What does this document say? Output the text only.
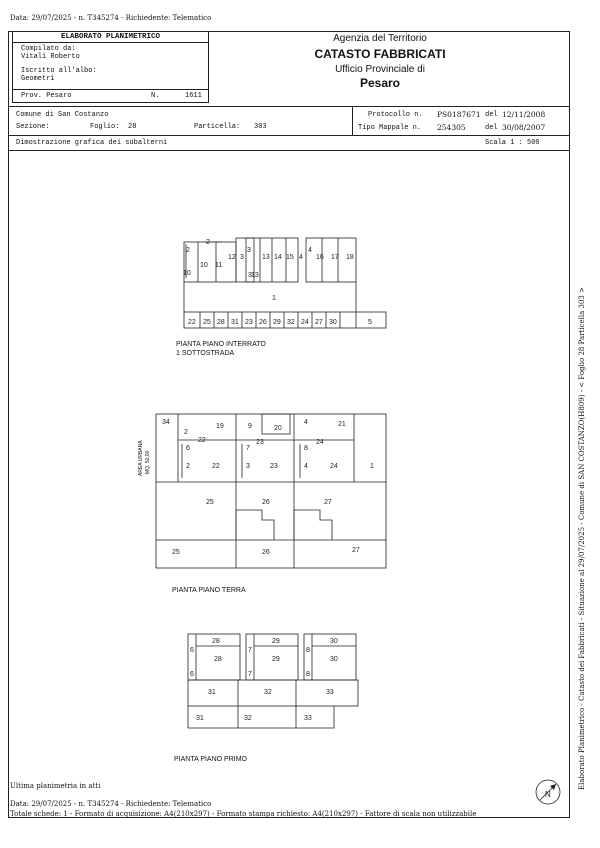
Data: 29/07/2025 - n. T345274 - Richiedente: Telematico
ELABORATO PLANIMETRICO
Compilato da:
Vitali Roberto
Iscritto all'albo:
Geometri
Prov. Pesaro	N.	1611
Agenzia del Territorio
CATASTO FABBRICATI
Ufficio Provinciale di
Pesaro
Comune di San Costanzo
Sezione:	Foglio: 28	Particella: 303
Protocollo n. PS0187671 del 12/11/2008
Tipo Mappale n. 254305	del 30/08/2007
Dimostrazione grafica dei subalterni	Scala 1 : 500
2
2
10
10 11
12
3
3	13 14 15 4
4
16 17 18
1
22 25 28 31 23 26 29 32 24 27 30	5
3 13
PIANTA PIANO INTERRATO
1 SOTTOSTRADA
34
19	9	20
4	21
2
22	23	24
6
22
7
23
8
24	1
2	3	4
25	26	27
25	26	27
AREA URBANA MQ. 50,00
PIANTA PIANO TERRA
28	29	30
28	29	30
6	7	8
6	7	8
31	32	33
31	32	33
PIANTA PIANO PRIMO
N
Ultima planimetria in atti
Data: 29/07/2025 - n. T345274 - Richiedente: Telematico
Totale schede: 1 - Formato di acquisizione: A4(210x297) - Formato stampa richiesto: A4(210x297) - Fattore di scala non utilizzabile
Elaborato Planimetrico - Catasto dei Fabbricati - Situazione al 29/07/2025 - Comune di SAN COSTANZO(H809) - < Foglio 28 Particella 303 >
